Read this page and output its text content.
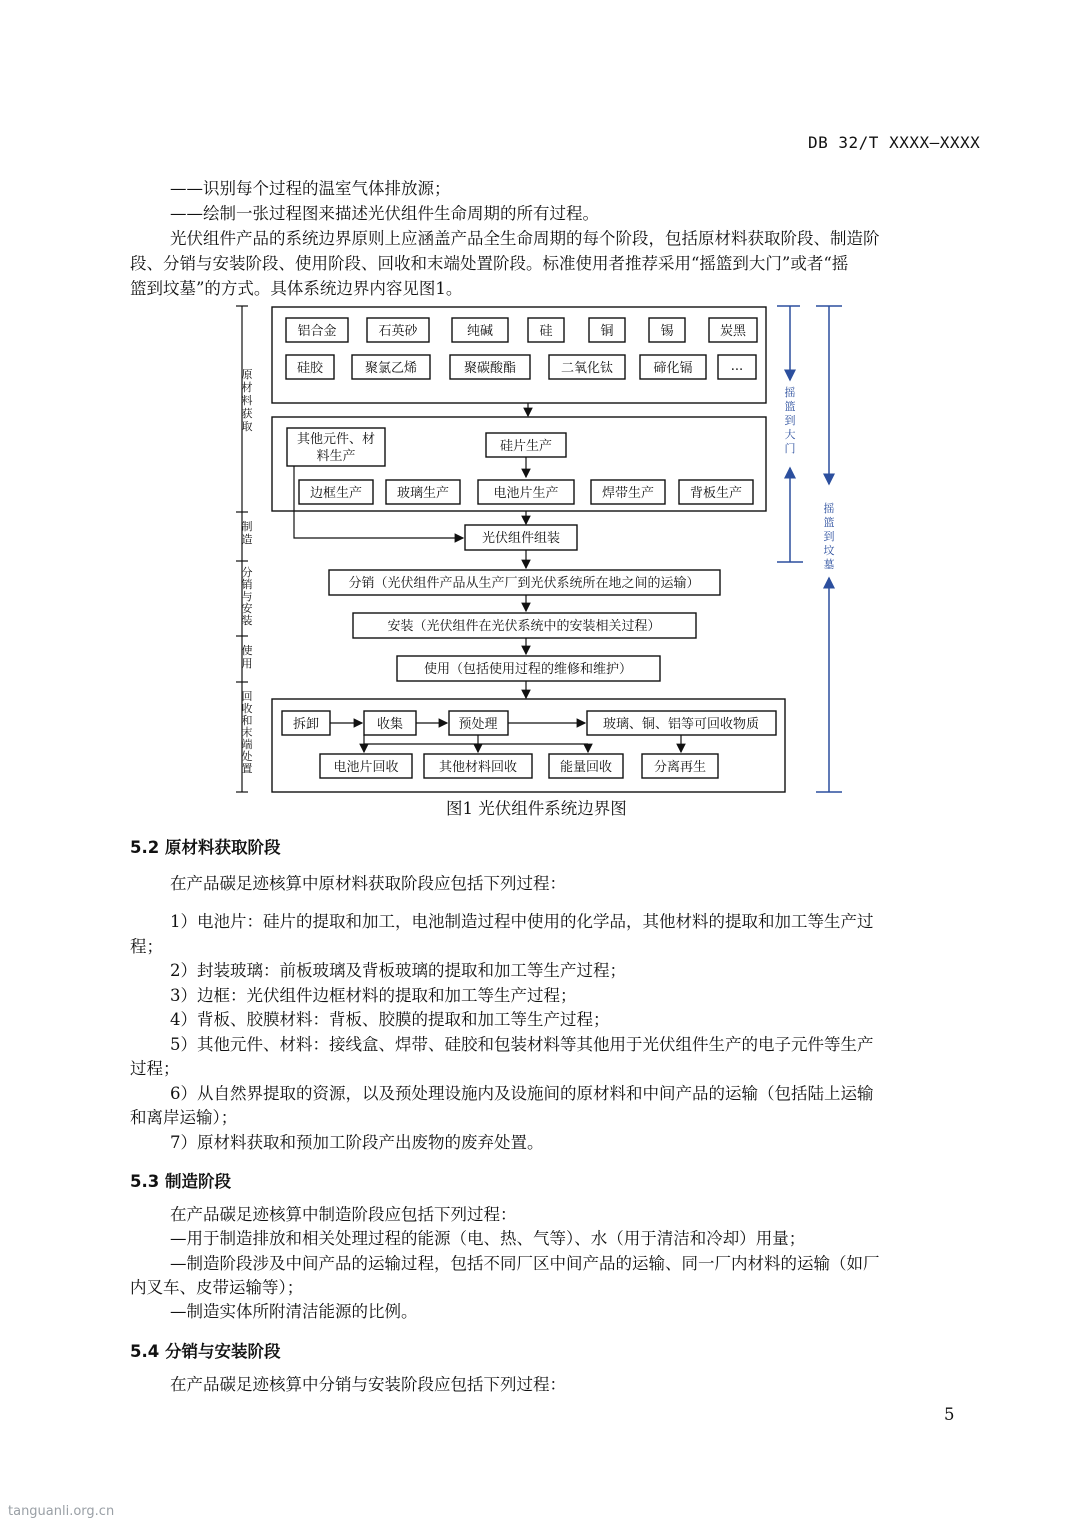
DB 32/T XXXX—XXXX
——识别每个过程的温室气体排放源；
——绘制一张过程图来描述光伏组件生命周期的所有过程。
光伏组件产品的系统边界原则上应涵盖产品全生命周期的每个阶段，包括原材料获取阶段、制造阶
段、分销与安装阶段、使用阶段、回收和末端处置阶段。标准使用者推荐采用“摇篮到大门”或者“摇
篮到坟墓”的方式。具体系统边界内容见图1。
原材料获取
制造
分销与安装
使用
回收和末端处置
铝合金	石英砂	纯碱	硅	铜	锡	炭黑
硅胶	聚氯乙烯	聚碳酸酯	二氧化钛	碲化镉	...
其他元件、材
料生产
硅片生产
边框生产	玻璃生产	电池片生产	焊带生产	背板生产
光伏组件组装
分销（光伏组件产品从生产厂到光伏系统所在地之间的运输）
安装（光伏组件在光伏系统中的安装相关过程）
使用（包括使用过程的维修和维护）
拆卸	收集	预处理	玻璃、铜、铝等可回收物质
电池片回收	其他材料回收	能量回收	分离再生
摇篮到大门
摇篮到坟墓
图1 光伏组件系统边界图
5.2 原材料获取阶段
在产品碳足迹核算中原材料获取阶段应包括下列过程：
1）电池片：硅片的提取和加工，电池制造过程中使用的化学品，其他材料的提取和加工等生产过
程；
2）封装玻璃：前板玻璃及背板玻璃的提取和加工等生产过程；
3）边框：光伏组件边框材料的提取和加工等生产过程；
4）背板、胶膜材料：背板、胶膜的提取和加工等生产过程；
5）其他元件、材料：接线盒、焊带、硅胶和包装材料等其他用于光伏组件生产的电子元件等生产
过程；
6）从自然界提取的资源，以及预处理设施内及设施间的原材料和中间产品的运输（包括陆上运输
和离岸运输）；
7）原材料获取和预加工阶段产出废物的废弃处置。
5.3 制造阶段
在产品碳足迹核算中制造阶段应包括下列过程：
—用于制造排放和相关处理过程的能源（电、热、气等）、水（用于清洁和冷却）用量；
—制造阶段涉及中间产品的运输过程，包括不同厂区中间产品的运输、同一厂内材料的运输（如厂
内叉车、皮带运输等）；
—制造实体所附清洁能源的比例。
5.4 分销与安装阶段
在产品碳足迹核算中分销与安装阶段应包括下列过程：
5
tanguanli.org.cn
